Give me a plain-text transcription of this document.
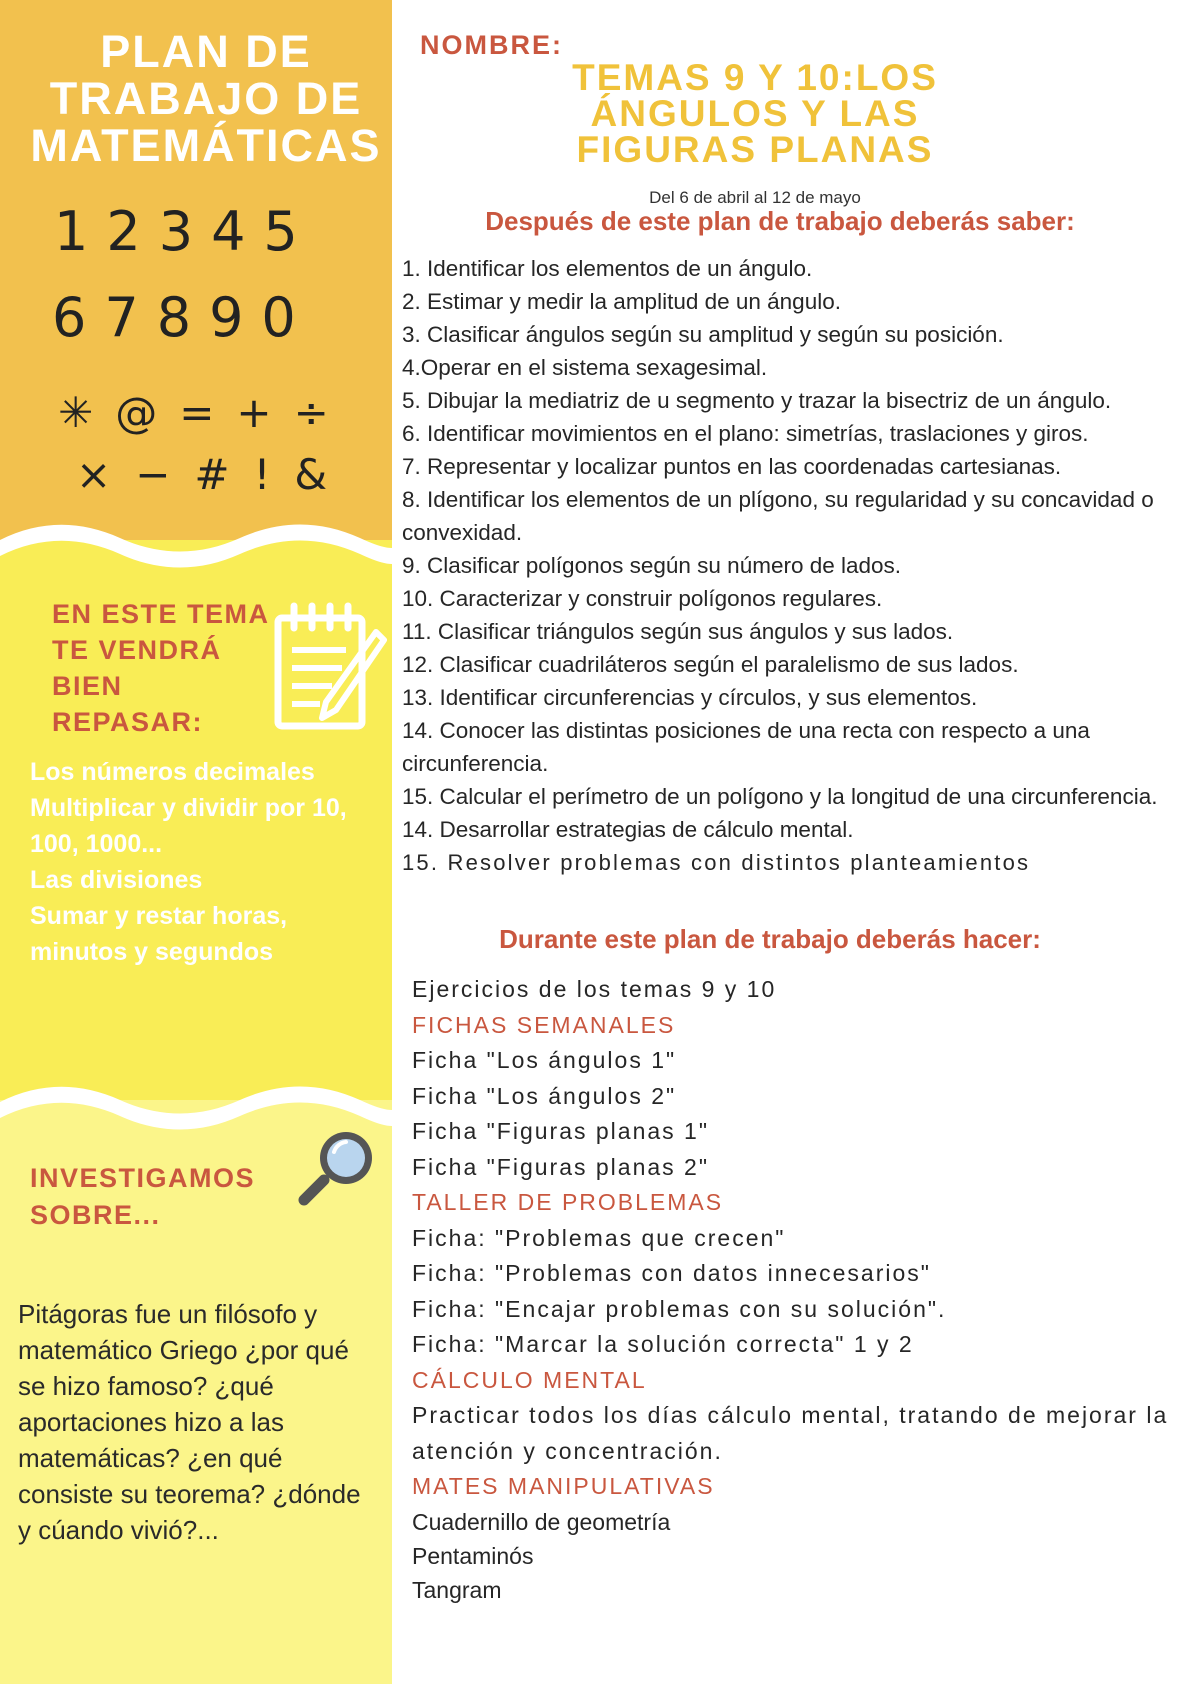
PLAN DE
TRABAJO DE
MATEMÁTICAS
12345
67890
✳@=+÷
×−#!&
EN ESTE TEMA
TE VENDRÁ
BIEN
REPASAR:
Los números decimales
Multiplicar y dividir por 10, 100, 1000...
Las divisiones
Sumar y restar horas, minutos y segundos
INVESTIGAMOS
SOBRE...
Pitágoras fue un filósofo y matemático Griego ¿por qué se hizo famoso? ¿qué aportaciones hizo a las matemáticas? ¿en qué consiste su teorema? ¿dónde y cúando vivió?...
NOMBRE:
TEMAS 9 Y 10:LOS
ÁNGULOS Y LAS
FIGURAS PLANAS
Del 6 de abril al 12 de mayo
Después de este plan de trabajo deberás saber:
1. Identificar los elementos de un ángulo.
2. Estimar y medir la amplitud de un ángulo.
3. Clasificar ángulos según su amplitud y según su posición.
4.Operar en el sistema sexagesimal.
5. Dibujar la mediatriz de u segmento y trazar la bisectriz de un ángulo.
6. Identificar movimientos en el plano: simetrías, traslaciones y giros.
7. Representar y localizar puntos en las coordenadas cartesianas.
8. Identificar los elementos de un plígono, su regularidad y su concavidad o convexidad.
9. Clasificar polígonos según su número de lados.
10. Caracterizar y construir polígonos regulares.
11. Clasificar triángulos según sus ángulos y sus lados.
12. Clasificar cuadriláteros según el paralelismo de sus lados.
13. Identificar circunferencias y círculos, y sus elementos.
14. Conocer las distintas posiciones de una recta con respecto a una circunferencia.
15. Calcular el perímetro de un polígono y la longitud de una circunferencia.
14. Desarrollar estrategias de cálculo mental.
15. Resolver problemas con distintos planteamientos
Durante este plan de trabajo deberás hacer:
Ejercicios de los temas 9 y 10
FICHAS SEMANALES
Ficha "Los ángulos 1"
Ficha "Los ángulos 2"
Ficha "Figuras planas 1"
Ficha "Figuras planas 2"
TALLER DE PROBLEMAS
Ficha: "Problemas que crecen"
Ficha: "Problemas con datos innecesarios"
Ficha: "Encajar problemas con su solución".
Ficha: "Marcar la solución correcta" 1 y 2
CÁLCULO MENTAL
Practicar todos los días cálculo mental, tratando de mejorar la atención y concentración.
MATES MANIPULATIVAS
Cuadernillo de geometría
Pentaminós
Tangram
